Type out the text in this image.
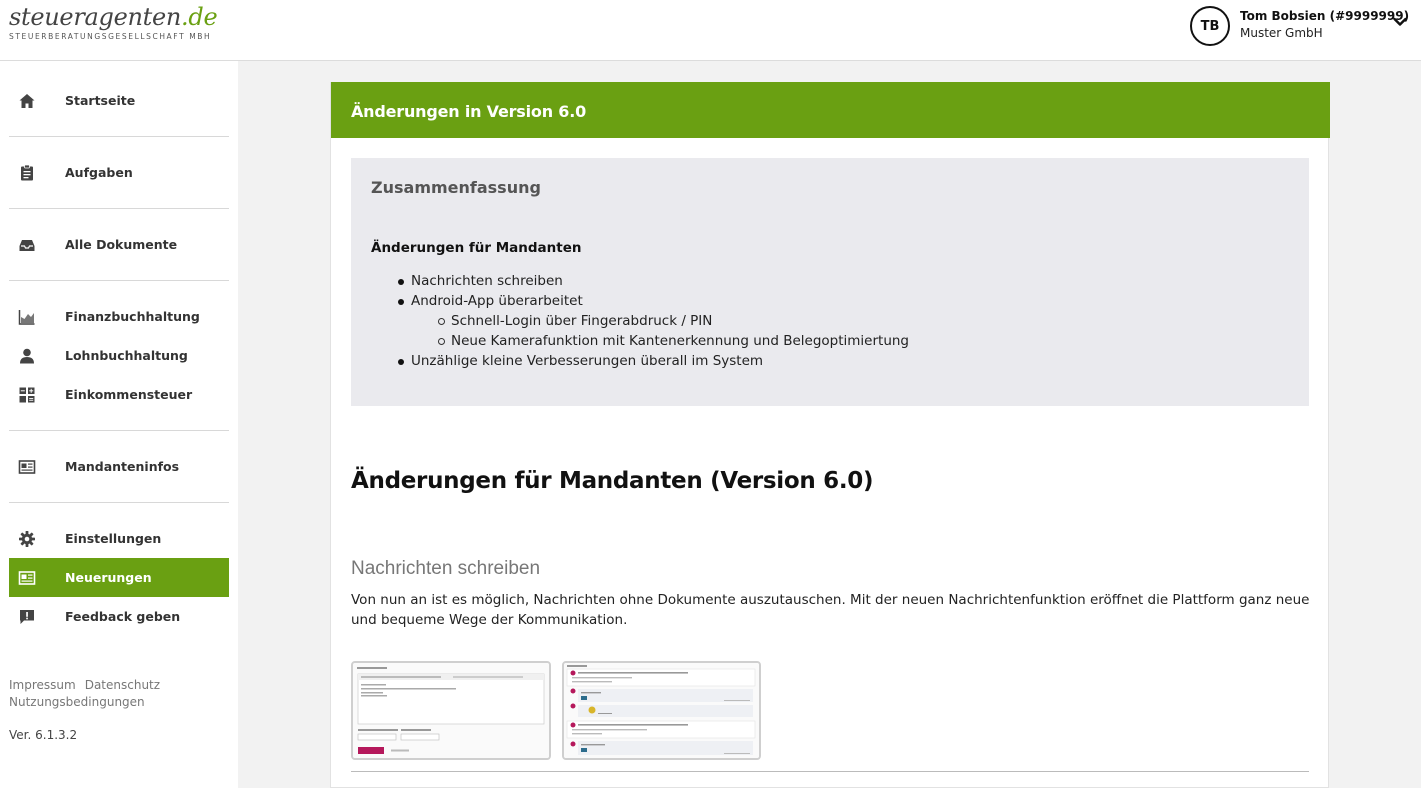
steueragenten.de
STEUERBERATUNGSGESELLSCHAFT MBH
TB
Tom Bobsien (#9999999)
Muster GmbH
Startseite
Aufgaben
Alle Dokumente
Finanzbuchhaltung
Lohnbuchhaltung
Einkommensteuer
Mandanteninfos
Einstellungen
Neuerungen
Feedback geben
Impressum Datenschutz
Nutzungsbedingungen
Ver. 6.1.3.2
Änderungen in Version 6.0
Zusammenfassung
Änderungen für Mandanten
Nachrichten schreiben
Android-App überarbeitet
Schnell-Login über Fingerabdruck / PIN
Neue Kamerafunktion mit Kantenerkennung und Belegoptimiertung
Unzählige kleine Verbesserungen überall im System
Änderungen für Mandanten (Version 6.0)
Nachrichten schreiben
Von nun an ist es möglich, Nachrichten ohne Dokumente auszutauschen. Mit der neuen Nachrichtenfunktion eröffnet die Plattform ganz neue und bequeme Wege der Kommunikation.
